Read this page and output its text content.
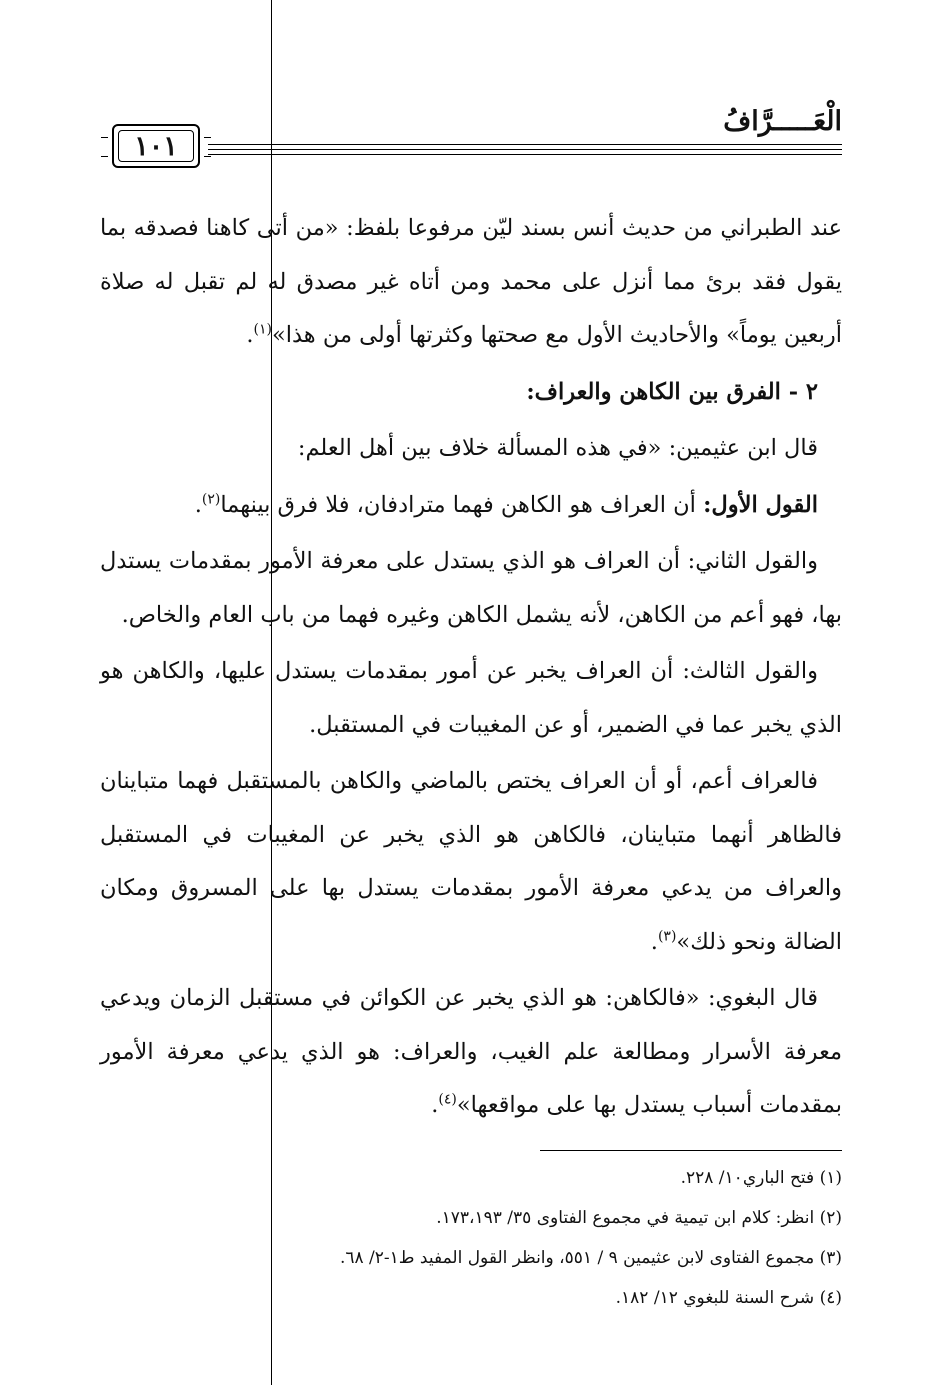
الْعَـــــرَّافُ
١٠١

عند الطبراني من حديث أنس بسند ليّن مرفوعا بلفظ: «من أتى كاهنا فصدقه بما يقول فقد برئ مما أنزل على محمد ومن أتاه غير مصدق له لم تقبل له صلاة أربعين يوماً» والأحاديث الأول مع صحتها وكثرتها أولى من هذا»$^{(١)}$.

٢ - الفرق بين الكاهن والعراف:

قال ابن عثيمين: «في هذه المسألة خلاف بين أهل العلم:

القول الأول: أن العراف هو الكاهن فهما مترادفان، فلا فرق بينهما$^{(٢)}$.

والقول الثاني: أن العراف هو الذي يستدل على معرفة الأمور بمقدمات يستدل بها، فهو أعم من الكاهن، لأنه يشمل الكاهن وغيره فهما من باب العام والخاص.

والقول الثالث: أن العراف يخبر عن أمور بمقدمات يستدل عليها، والكاهن هو الذي يخبر عما في الضمير، أو عن المغيبات في المستقبل.

فالعراف أعم، أو أن العراف يختص بالماضي والكاهن بالمستقبل فهما متباينان فالظاهر أنهما متباينان، فالكاهن هو الذي يخبر عن المغيبات في المستقبل والعراف من يدعي معرفة الأمور بمقدمات يستدل بها على المسروق ومكان الضالة ونحو ذلك»$^{(٣)}$.

قال البغوي: «فالكاهن: هو الذي يخبر عن الكوائن في مستقبل الزمان ويدعي معرفة الأسرار ومطالعة علم الغيب، والعراف: هو الذي يدعي معرفة الأمور بمقدمات أسباب يستدل بها على مواقعها»$^{(٤)}$.

(١) فتح الباري١٠/ ٢٢٨.
(٢) انظر: كلام ابن تيمية في مجموع الفتاوى ٣٥/ ١٧٣،١٩٣.
(٣) مجموع الفتاوى لابن عثيمين ٩ / ٥٥١، وانظر القول المفيد ط١-٢/ ٦٨.
(٤) شرح السنة للبغوي ١٢/ ١٨٢.
